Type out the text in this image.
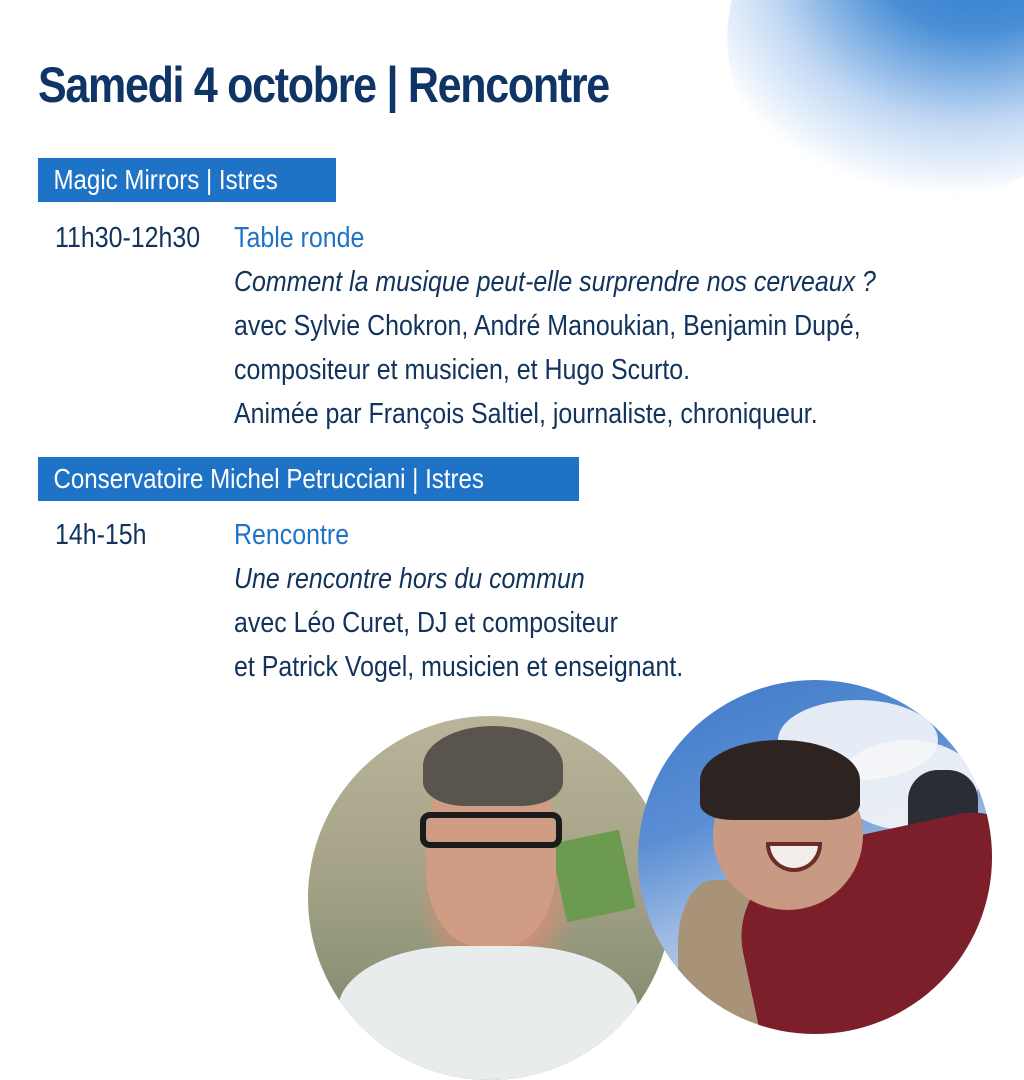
Samedi 4 octobre | Rencontre
Magic Mirrors | Istres
11h30-12h30 Table ronde
Comment la musique peut-elle surprendre nos cerveaux ?
avec Sylvie Chokron, André Manoukian, Benjamin Dupé,
compositeur et musicien, et Hugo Scurto.
Animée par François Saltiel, journaliste, chroniqueur.
Conservatoire Michel Petrucciani | Istres
14h-15h	Rencontre
Une rencontre hors du commun
avec Léo Curet, DJ et compositeur
et Patrick Vogel, musicien et enseignant.
